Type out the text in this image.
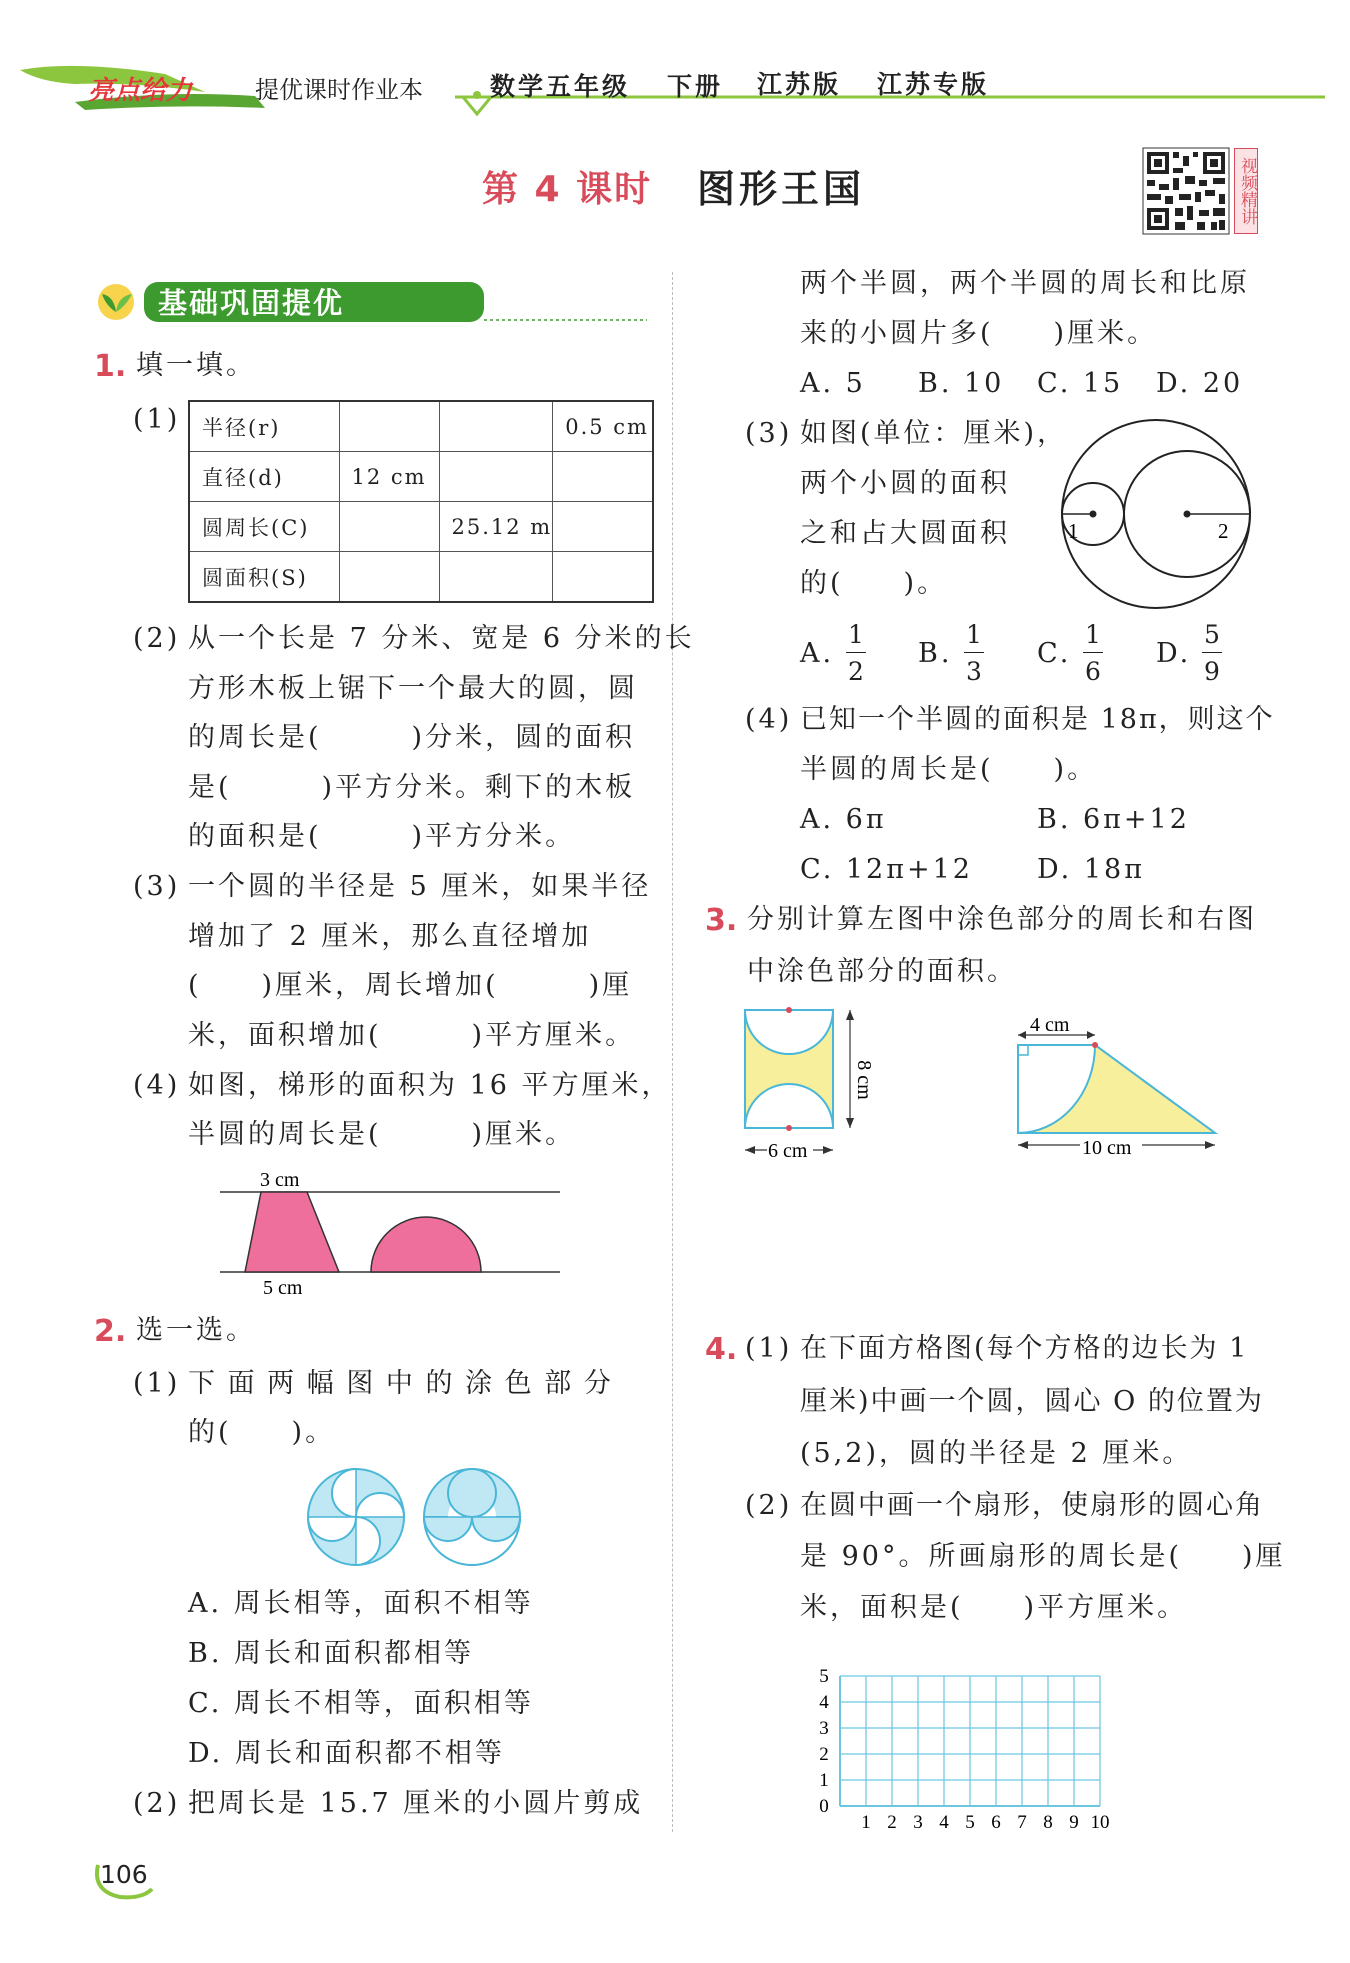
亮点给力	提优课时作业本	数学五年级 下册 江苏版 江苏专版
第 4 课时 图形王国	视频精讲
基础巩固提优
1. 填一填。
(1) 半径(r)			0.5 cm
直径(d)	12 cm		
圆周长(C)		25.12 m	
圆面积(S)			
(2) 从一个长是 7 分米、宽是 6 分米的长
方形木板上锯下一个最大的圆，圆
的周长是(　　　)分米，圆的面积
是(　　　)平方分米。剩下的木板
的面积是(　　　)平方分米。
(3) 一个圆的半径是 5 厘米，如果半径
增加了 2 厘米，那么直径增加
(　　)厘米，周长增加(　　　)厘
米，面积增加(　　　)平方厘米。
(4) 如图，梯形的面积为 16 平方厘米，
半圆的周长是(　　　)厘米。
3 cm
5 cm
2. 选一选。
(1) 下 面 两 幅 图 中 的 涂 色 部 分
的(　　)。
A. 周长相等，面积不相等
B. 周长和面积都相等
C. 周长不相等，面积相等
D. 周长和面积都不相等
(2) 把周长是 15.7 厘米的小圆片剪成
两个半圆，两个半圆的周长和比原
来的小圆片多(　　)厘米。
A. 5 B. 10 C. 15 D. 20
(3) 如图(单位：厘米)，
两个小圆的面积
之和占大圆面积
的(　　)。
1	2
A. $\frac{1}{2} B$. $\frac{1}{3} C$. $\frac{1}{6} D$. $\frac{5}{9}$
(4) 已知一个半圆的面积是 18π，则这个
半圆的周长是(　　)。
A. 6π	B. 6π+12
C. 12π+12 D. 18π
3. 分别计算左图中涂色部分的周长和右图
中涂色部分的面积。
8 cm
6 cm
4 cm
10 cm
4. (1) 在下面方格图(每个方格的边长为 1
厘米)中画一个圆，圆心 O 的位置为
(5,2)，圆的半径是 2 厘米。
(2) 在圆中画一个扇形，使扇形的圆心角
是 90°。所画扇形的周长是(　　)厘
米，面积是(　　)平方厘米。
0
1 2 3 4 5 6 7 8 9 10
1
2
3
4
5
106
